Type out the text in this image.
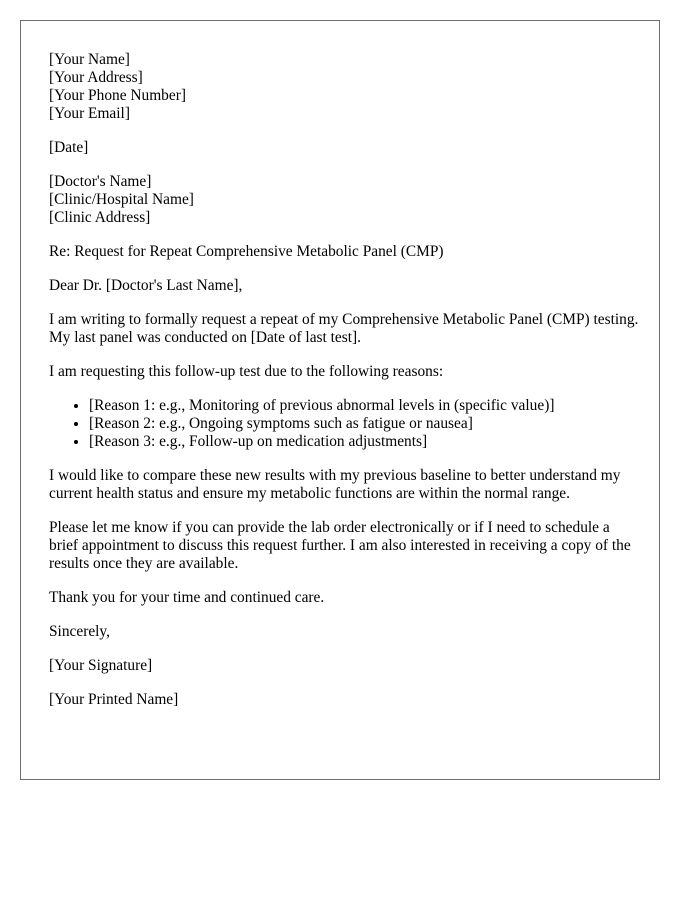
[Your Name]
[Your Address]
[Your Phone Number]
[Your Email]
[Date]
[Doctor's Name]
[Clinic/Hospital Name]
[Clinic Address]

Re: Request for Repeat Comprehensive Metabolic Panel (CMP)

Dear Dr. [Doctor's Last Name],

I am writing to formally request a repeat of my Comprehensive Metabolic Panel (CMP) testing. My last panel was conducted on [Date of last test].

I am requesting this follow-up test due to the following reasons:

• [Reason 1: e.g., Monitoring of previous abnormal levels in (specific value)]
• [Reason 2: e.g., Ongoing symptoms such as fatigue or nausea]
• [Reason 3: e.g., Follow-up on medication adjustments]

I would like to compare these new results with my previous baseline to better understand my current health status and ensure my metabolic functions are within the normal range.

Please let me know if you can provide the lab order electronically or if I need to schedule a brief appointment to discuss this request further. I am also interested in receiving a copy of the results once they are available.

Thank you for your time and continued care.

Sincerely,

[Your Signature]

[Your Printed Name]
